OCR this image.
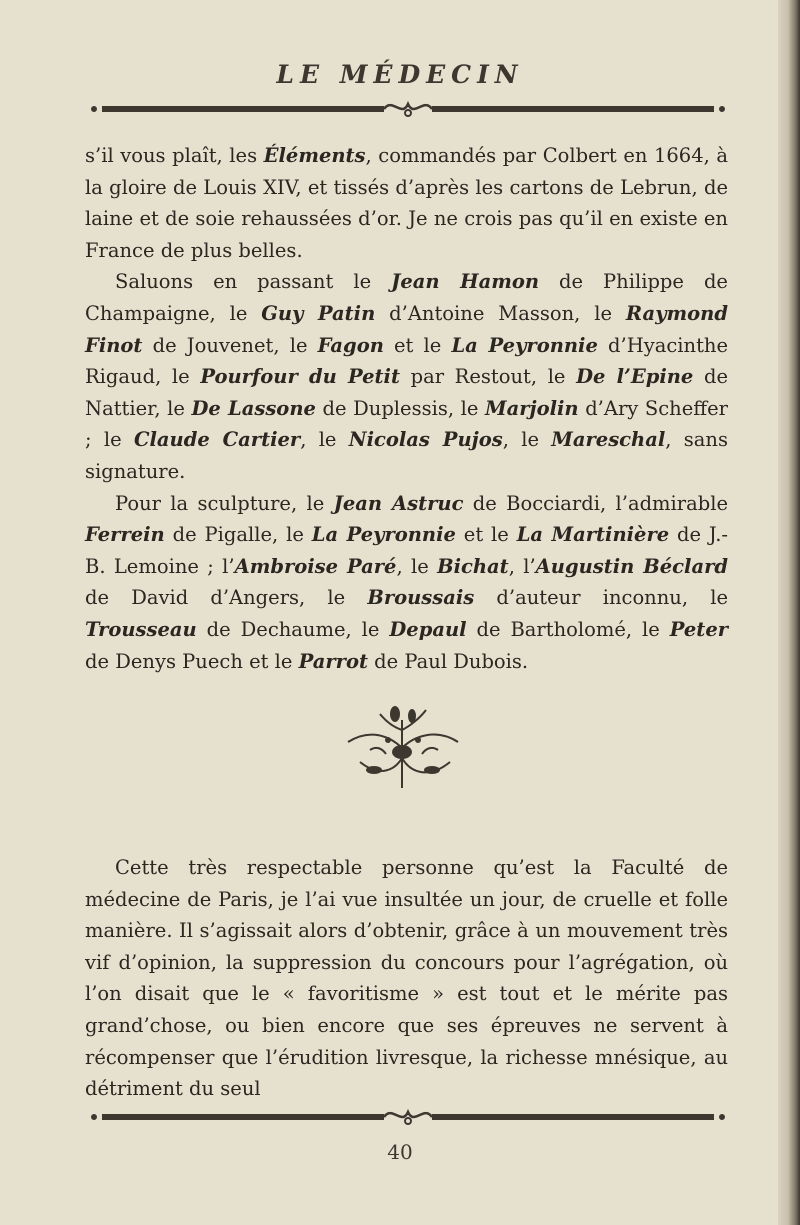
LE MÉDECIN

s’il vous plaît, les Éléments, commandés par Colbert en 1664, à la gloire de Louis XIV, et tissés d’après les cartons de Lebrun, de laine et de soie rehaussées d’or. Je ne crois pas qu’il en existe en France de plus belles.

Saluons en passant le Jean Hamon de Philippe de Champaigne, le Guy Patin d’Antoine Masson, le Raymond Finot de Jouvenet, le Fagon et le La Peyronnie d’Hyacinthe Rigaud, le Pourfour du Petit par Restout, le De l’Epine de Nattier, le De Lassone de Duplessis, le Marjolin d’Ary Scheffer ; le Claude Cartier, le Nicolas Pujos, le Mareschal, sans signature.

Pour la sculpture, le Jean Astruc de Bocciardi, l’admirable Ferrein de Pigalle, le La Peyronnie et le La Martinière de J.-B. Lemoine ; l’Ambroise Paré, le Bichat, l’Augustin Béclard de David d’Angers, le Broussais d’auteur inconnu, le Trousseau de Dechaume, le Depaul de Bartholomé, le Peter de Denys Puech et le Parrot de Paul Dubois.

Cette très respectable personne qu’est la Faculté de médecine de Paris, je l’ai vue insultée un jour, de cruelle et folle manière. Il s’agissait alors d’obtenir, grâce à un mouvement très vif d’opinion, la suppression du concours pour l’agrégation, où l’on disait que le « favoritisme » est tout et le mérite pas grand’chose, ou bien encore que ses épreuves ne servent à récompenser que l’érudition livresque, la richesse mnésique, au détriment du seul

40
